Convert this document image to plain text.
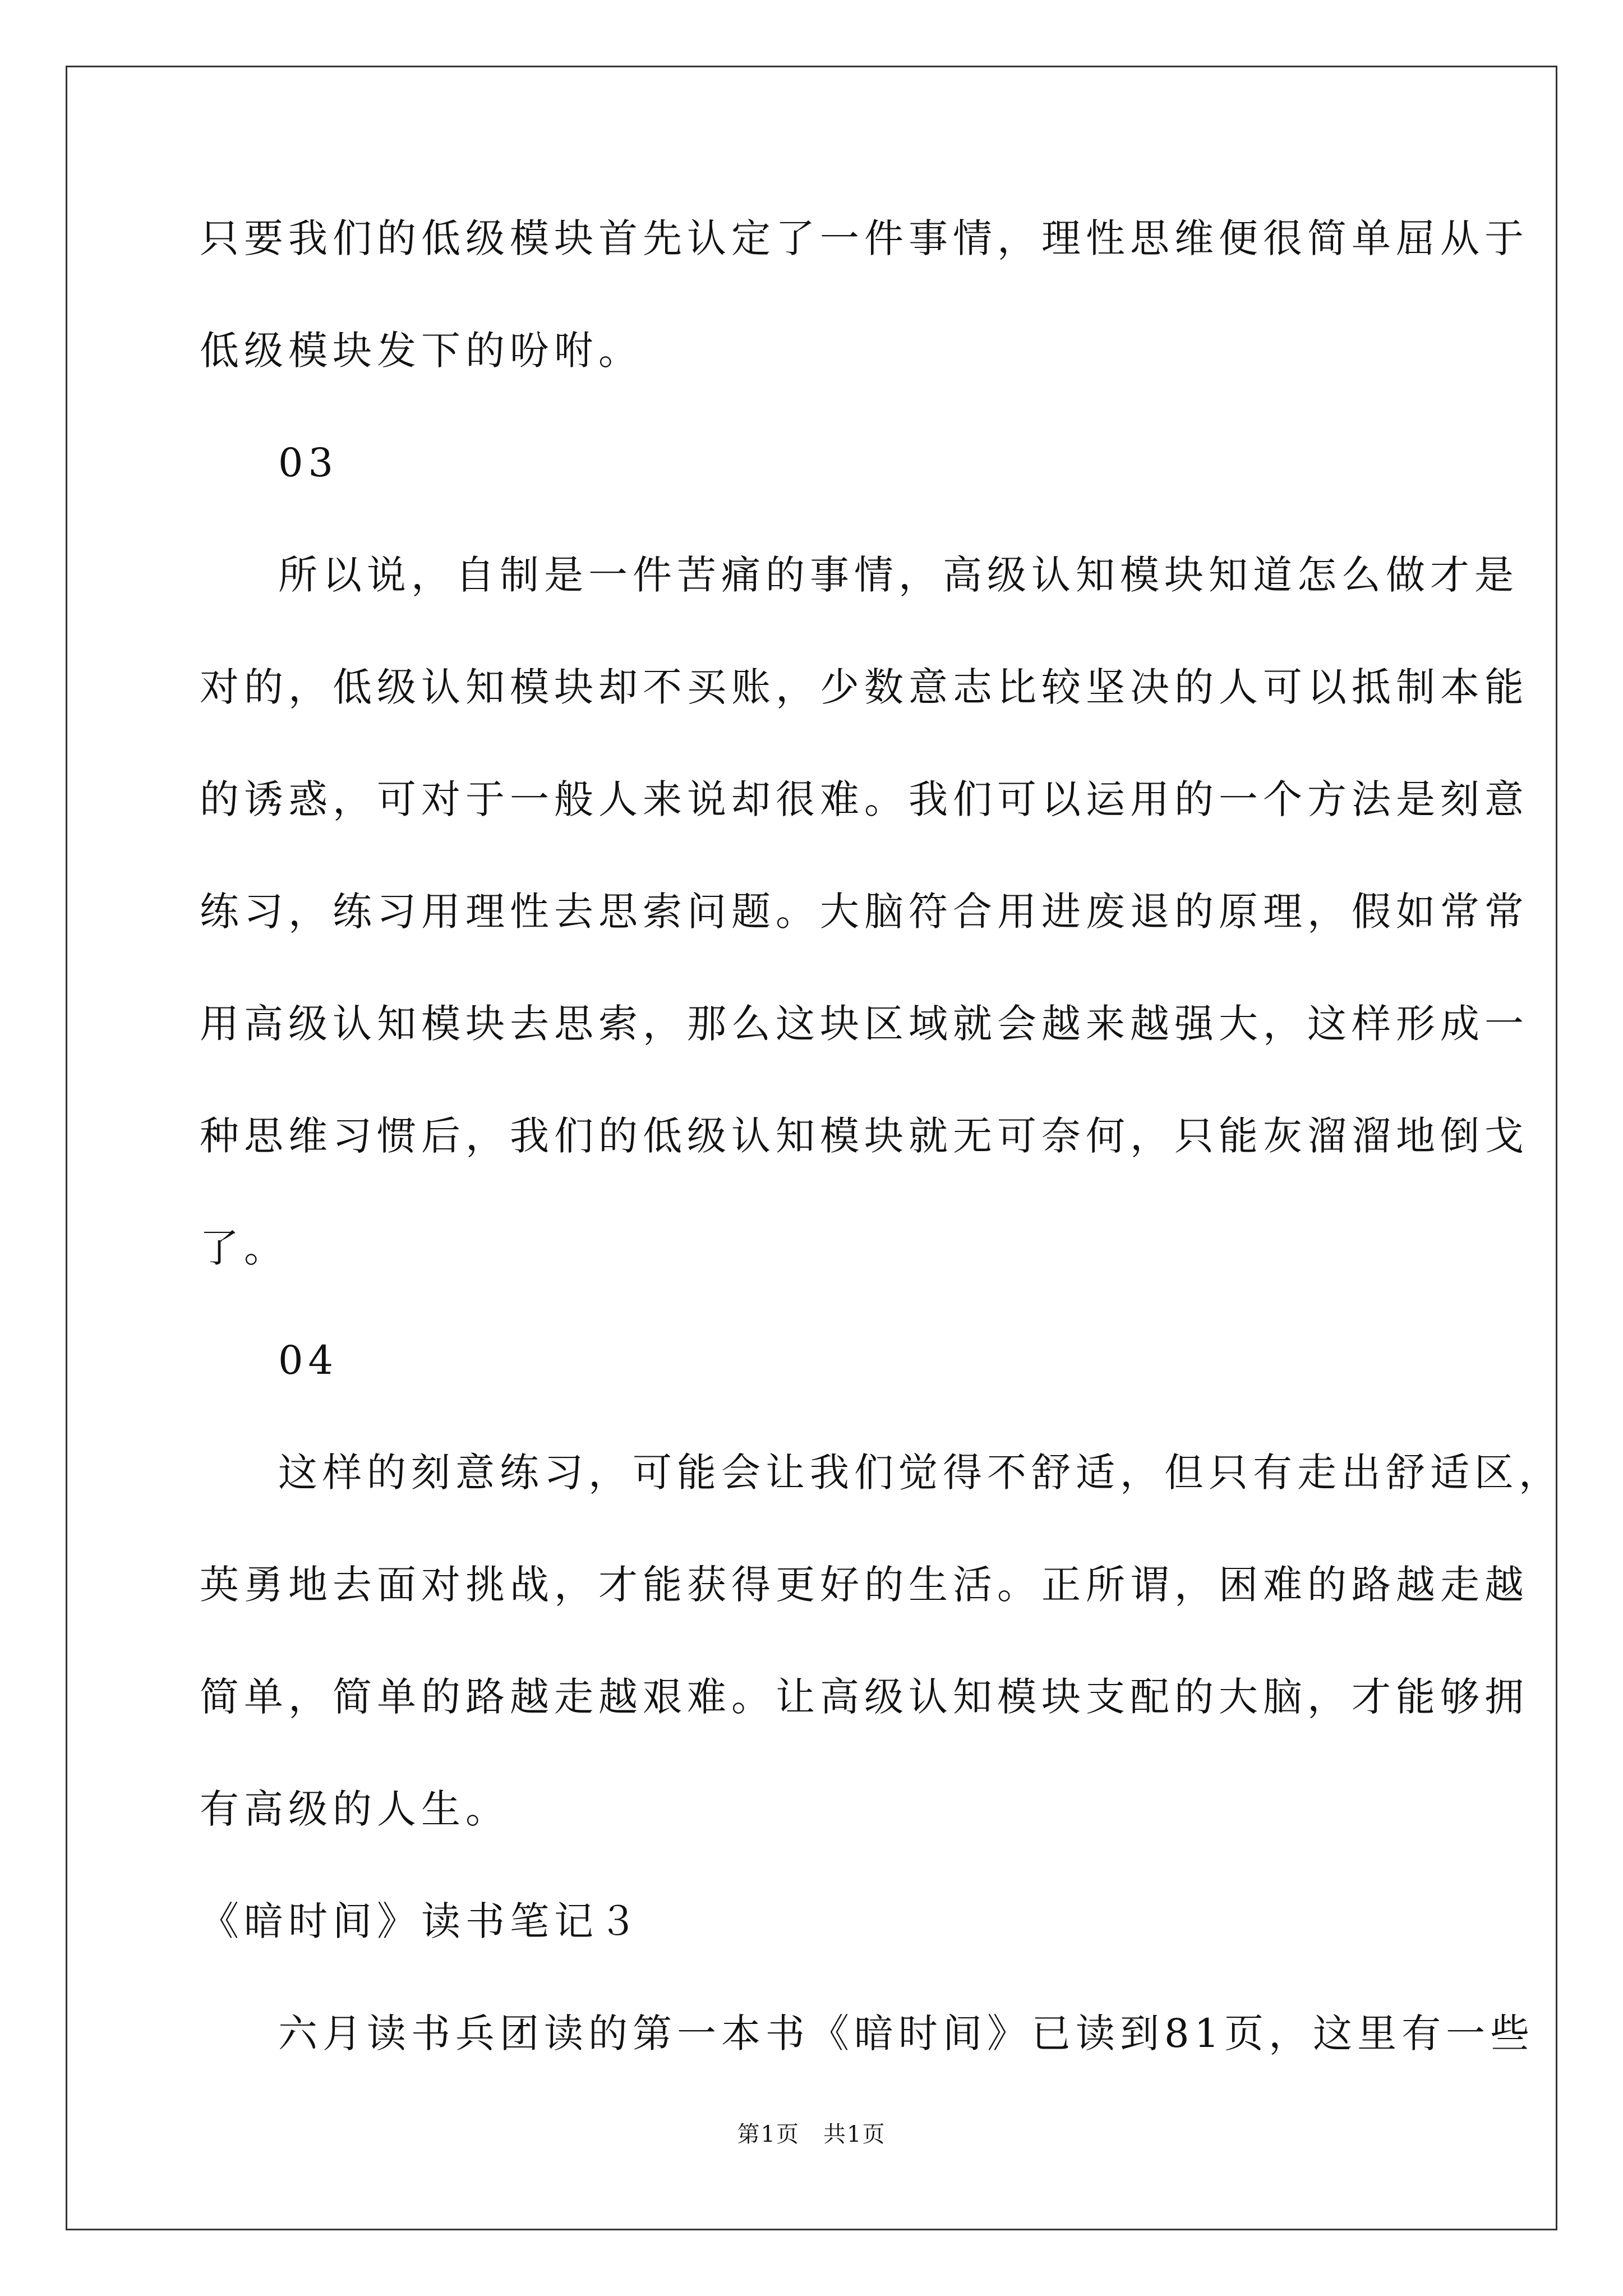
只要我们的低级模块首先认定了一件事情，理性思维便很简单屈从于
低级模块发下的吩咐。
03
所以说，自制是一件苦痛的事情，高级认知模块知道怎么做才是
对的，低级认知模块却不买账，少数意志比较坚决的人可以抵制本能
的诱惑，可对于一般人来说却很难。我们可以运用的一个方法是刻意
练习，练习用理性去思索问题。大脑符合用进废退的原理，假如常常
用高级认知模块去思索，那么这块区域就会越来越强大，这样形成一
种思维习惯后，我们的低级认知模块就无可奈何，只能灰溜溜地倒戈
了。
04
这样的刻意练习，可能会让我们觉得不舒适，但只有走出舒适区，
英勇地去面对挑战，才能获得更好的生活。正所谓，困难的路越走越
简单，简单的路越走越艰难。让高级认知模块支配的大脑，才能够拥
有高级的人生。
《暗时间》读书笔记３
六月读书兵团读的第一本书《暗时间》已读到81页，这里有一些
第1页　共1页
